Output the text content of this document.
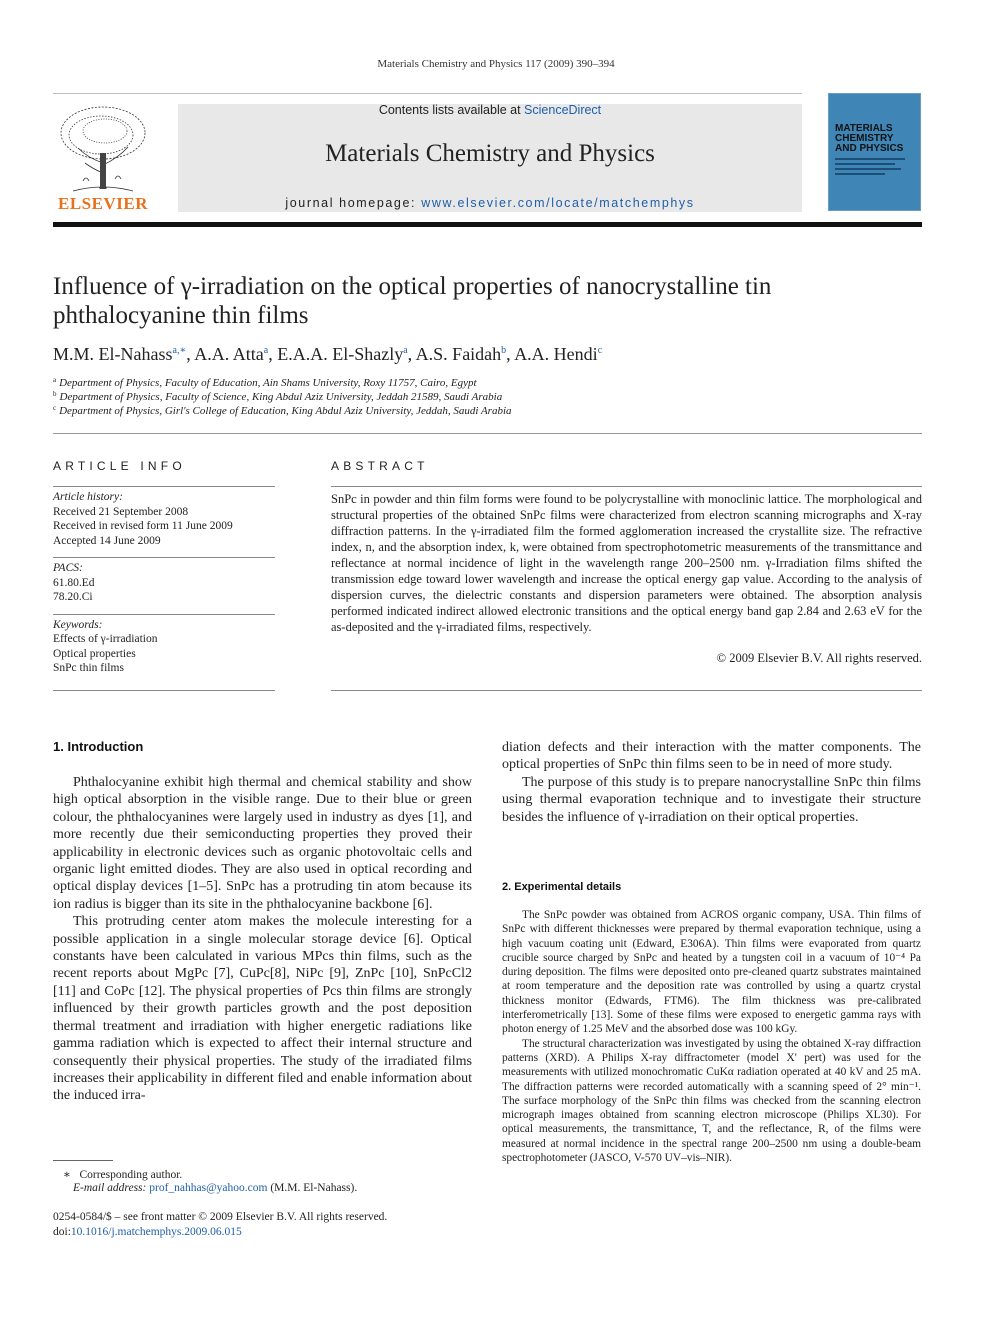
Materials Chemistry and Physics 117 (2009) 390–394
Contents lists available at ScienceDirect
Materials Chemistry and Physics
journal homepage: www.elsevier.com/locate/matchemphys
ELSEVIER
MATERIALS CHEMISTRY AND PHYSICS
Influence of γ-irradiation on the optical properties of nanocrystalline tin phthalocyanine thin films
M.M. El-Nahass$^{a,∗}$, A.A. Atta$^a$, E.A.A. El-Shazly$^a$, A.S. Faidah$^b$, A.A. Hendi$^c$
$^a$ Department of Physics, Faculty of Education, Ain Shams University, Roxy 11757, Cairo, Egypt
$^b$ Department of Physics, Faculty of Science, King Abdul Aziz University, Jeddah 21589, Saudi Arabia
$^c$ Department of Physics, Girl's College of Education, King Abdul Aziz University, Jeddah, Saudi Arabia
ARTICLE INFO
Article history:
Received 21 September 2008
Received in revised form 11 June 2009
Accepted 14 June 2009
PACS:
61.80.Ed
78.20.Ci
Keywords:
Effects of γ-irradiation
Optical properties
SnPc thin films
ABSTRACT
SnPc in powder and thin film forms were found to be polycrystalline with monoclinic lattice. The morphological and structural properties of the obtained SnPc films were characterized from electron scanning micrographs and X-ray diffraction patterns. In the γ-irradiated film the formed agglomeration increased the crystallite size. The refractive index, n, and the absorption index, k, were obtained from spectrophotometric measurements of the transmittance and reflectance at normal incidence of light in the wavelength range 200–2500 nm. γ-Irradiation films shifted the transmission edge toward lower wavelength and increase the optical energy gap value. According to the analysis of dispersion curves, the dielectric constants and dispersion parameters were obtained. The absorption analysis performed indicated indirect allowed electronic transitions and the optical energy band gap 2.84 and 2.63 eV for the as-deposited and the γ-irradiated films, respectively.
© 2009 Elsevier B.V. All rights reserved.
1. Introduction

Phthalocyanine exhibit high thermal and chemical stability and show high optical absorption in the visible range. Due to their blue or green colour, the phthalocyanines were largely used in industry as dyes [1], and more recently due their semiconducting properties they proved their applicability in electronic devices such as organic photovoltaic cells and organic light emitted diodes. They are also used in optical recording and optical display devices [1–5]. SnPc has a protruding tin atom because its ion radius is bigger than its site in the phthalocyanine backbone [6].

This protruding center atom makes the molecule interesting for a possible application in a single molecular storage device [6]. Optical constants have been calculated in various MPcs thin films, such as the recent reports about MgPc [7], CuPc[8], NiPc [9], ZnPc [10], SnPcCl2 [11] and CoPc [12]. The physical properties of Pcs thin films are strongly influenced by their growth particles growth and the post deposition thermal treatment and irradiation with higher energetic radiations like gamma radiation which is expected to affect their internal structure and consequently their physical properties. The study of the irradiated films increases their applicability in different filed and enable information about the induced irra-

diation defects and their interaction with the matter components. The optical properties of SnPc thin films seen to be in need of more study.

The purpose of this study is to prepare nanocrystalline SnPc thin films using thermal evaporation technique and to investigate their structure besides the influence of γ-irradiation on their optical properties.

2. Experimental details

The SnPc powder was obtained from ACROS organic company, USA. Thin films of SnPc with different thicknesses were prepared by thermal evaporation technique, using a high vacuum coating unit (Edward, E306A). Thin films were evaporated from quartz crucible source charged by SnPc and heated by a tungsten coil in a vacuum of 10⁻⁴ Pa during deposition. The films were deposited onto pre-cleaned quartz substrates maintained at room temperature and the deposition rate was controlled by using a quartz crystal thickness monitor (Edwards, FTM6). The film thickness was pre-calibrated interferometrically [13]. Some of these films were exposed to energetic gamma rays with photon energy of 1.25 MeV and the absorbed dose was 100 kGy.

The structural characterization was investigated by using the obtained X-ray diffraction patterns (XRD). A Philips X-ray diffractometer (model X' pert) was used for the measurements with utilized monochromatic CuKα radiation operated at 40 kV and 25 mA. The diffraction patterns were recorded automatically with a scanning speed of 2° min⁻¹. The surface morphology of the SnPc thin films was checked from the scanning electron micrograph images obtained from scanning electron microscope (Philips XL30). For optical measurements, the transmittance, T, and the reflectance, R, of the films were measured at normal incidence in the spectral range 200–2500 nm using a double-beam spectrophotometer (JASCO, V-570 UV–vis–NIR).

∗ Corresponding author.
E-mail address: prof_nahhas@yahoo.com (M.M. El-Nahass).
0254-0584/$ – see front matter © 2009 Elsevier B.V. All rights reserved.
doi:10.1016/j.matchemphys.2009.06.015
